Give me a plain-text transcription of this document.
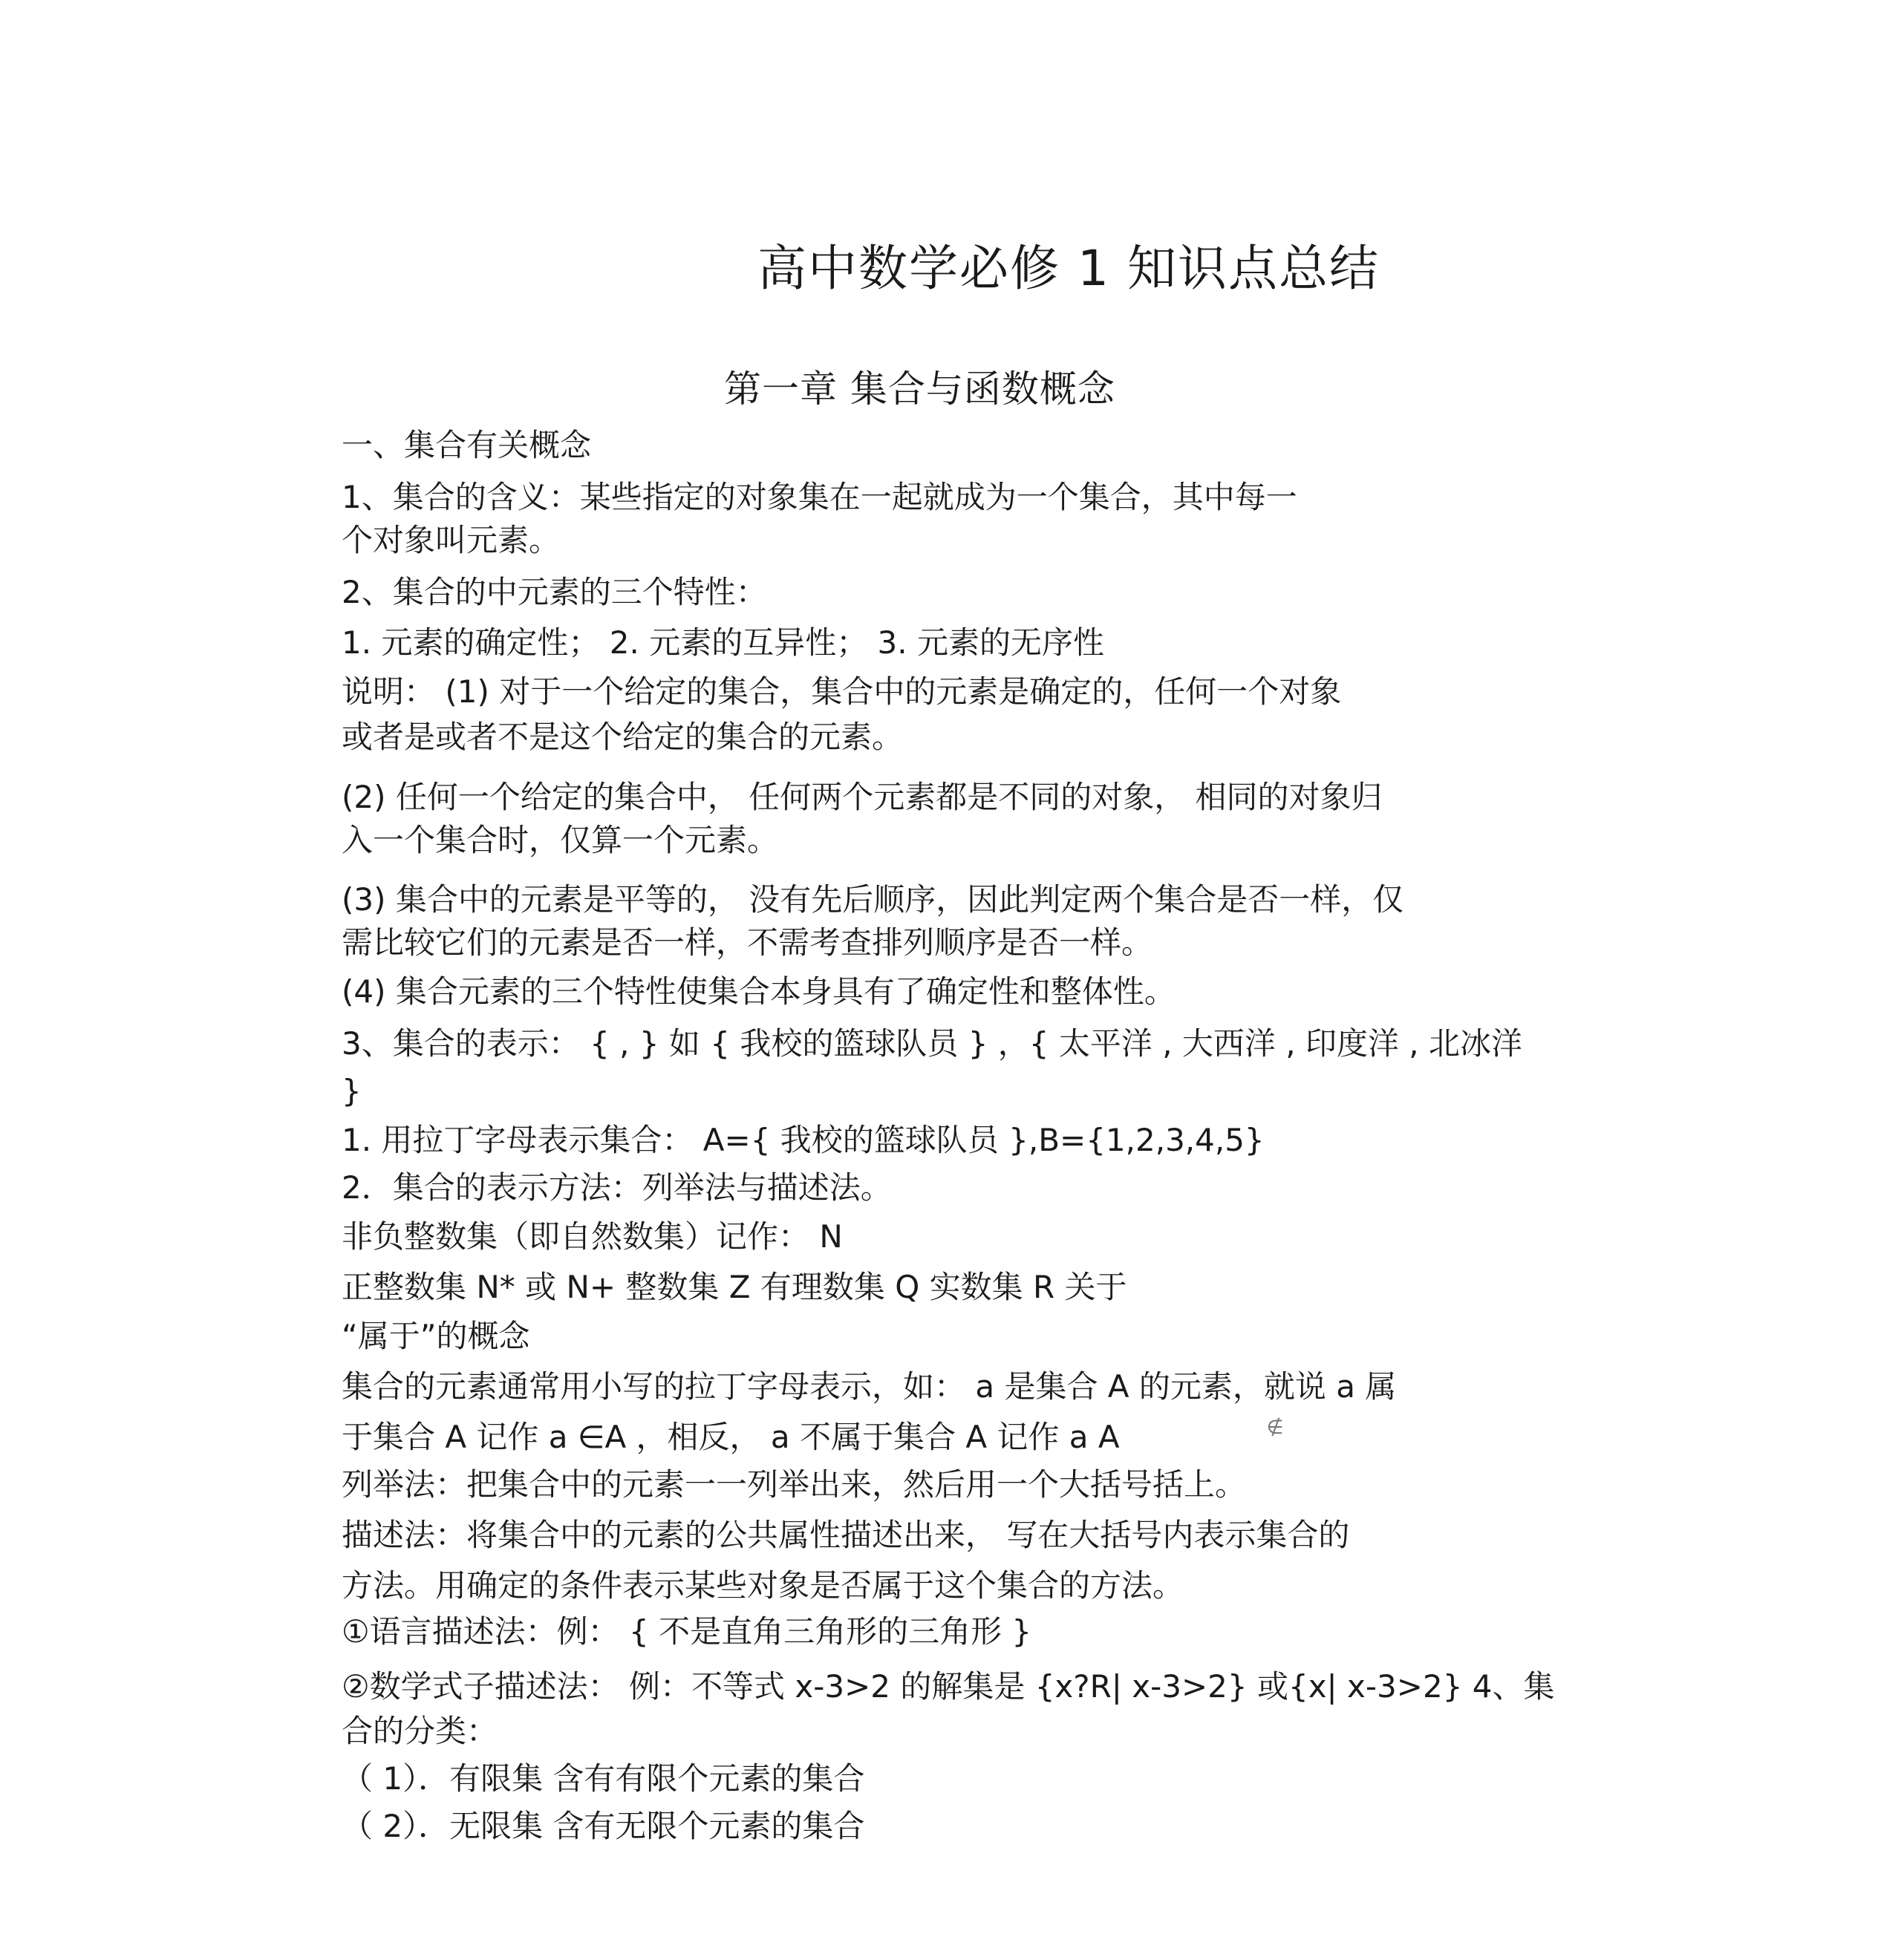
高中数学必修 1 知识点总结
第一章 集合与函数概念
一、集合有关概念
1、集合的含义：某些指定的对象集在一起就成为一个集合，其中每一
个对象叫元素。
2、集合的中元素的三个特性：
1. 元素的确定性； 2. 元素的互异性； 3. 元素的无序性
说明： (1) 对于一个给定的集合，集合中的元素是确定的，任何一个对象
或者是或者不是这个给定的集合的元素。
(2) 任何一个给定的集合中， 任何两个元素都是不同的对象， 相同的对象归
入一个集合时，仅算一个元素。
(3) 集合中的元素是平等的， 没有先后顺序，因此判定两个集合是否一样，仅
需比较它们的元素是否一样，不需考查排列顺序是否一样。
(4) 集合元素的三个特性使集合本身具有了确定性和整体性。
3、集合的表示： { , } 如 { 我校的篮球队员 } ，{ 太平洋 , 大西洋 , 印度洋 , 北冰洋
}
1. 用拉丁字母表示集合： A={ 我校的篮球队员 },B={1,2,3,4,5}
2．集合的表示方法：列举法与描述法。
非负整数集（即自然数集）记作： N
正整数集 N* 或 N+ 整数集 Z 有理数集 Q 实数集 R 关于
“属于”的概念
集合的元素通常用小写的拉丁字母表示，如： a 是集合 A 的元素，就说 a 属
于集合 A 记作 a ∈A ，相反， a 不属于集合 A 记作 a A
列举法：把集合中的元素一一列举出来，然后用一个大括号括上。
描述法：将集合中的元素的公共属性描述出来， 写在大括号内表示集合的
方法。用确定的条件表示某些对象是否属于这个集合的方法。
①语言描述法：例： { 不是直角三角形的三角形 }
②数学式子描述法： 例：不等式 x-3>2 的解集是 {x?R| x-3>2} 或{x| x-3>2} 4、集
合的分类：
（ 1）．有限集 含有有限个元素的集合
（ 2）．无限集 含有无限个元素的集合
∉
